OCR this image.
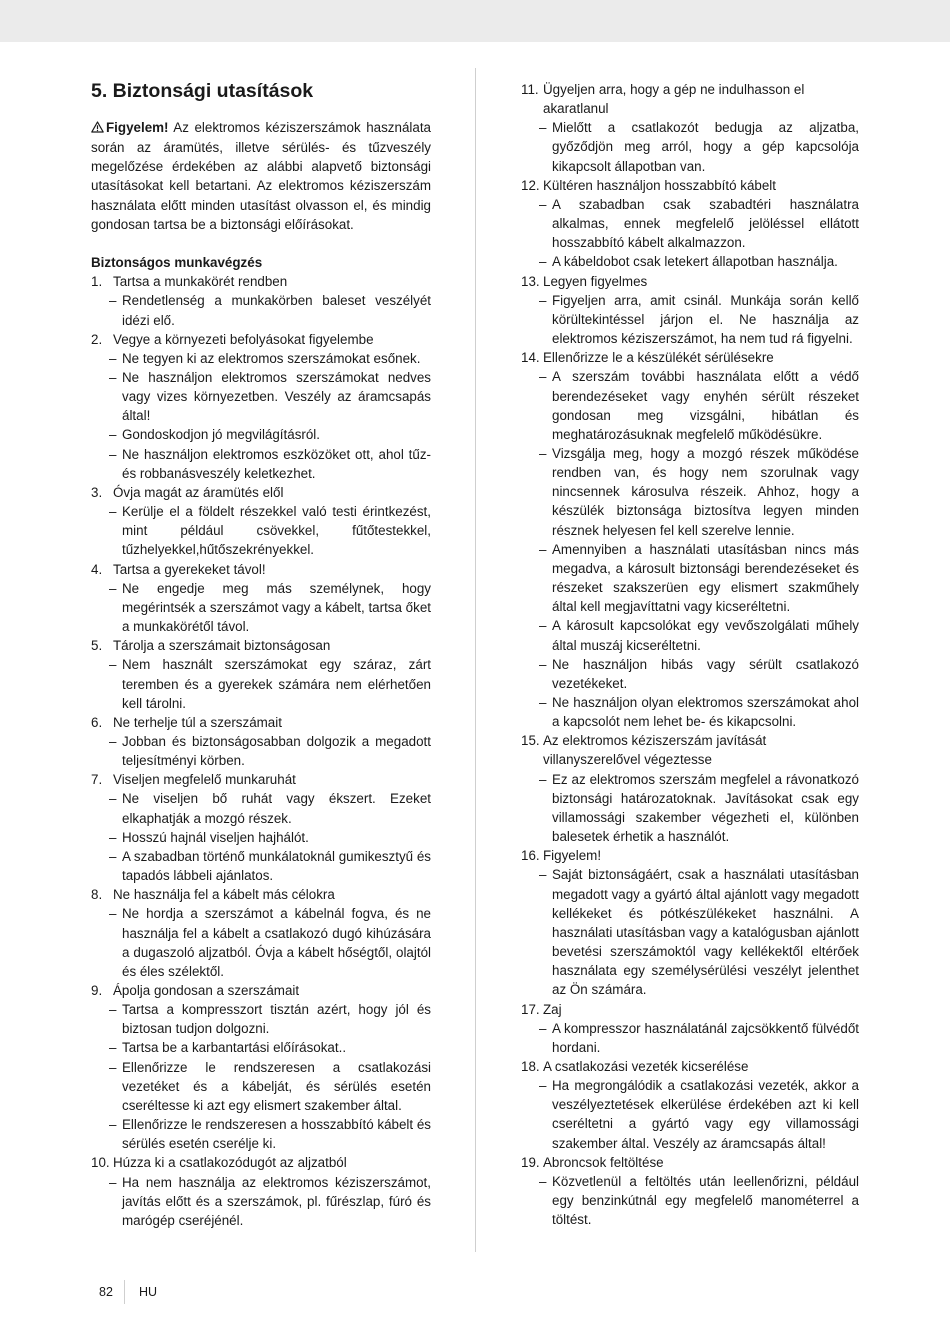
5. Biztonsági utasítások

Figyelem! Az elektromos kéziszerszámok használata során az áramütés, illetve sérülés- és tűzveszély megelőzése érdekében az alábbi alapvető biztonsági utasításokat kell betartani. Az elektromos kéziszerszám használata előtt minden utasítást olvasson el, és mindig gondosan tartsa be a biztonsági előírásokat.

Biztonságos munkavégzés
1. Tartsa a munkakörét rendben
– Rendetlenség a munkakörben baleset veszélyét idézi elő.
2. Vegye a környezeti befolyásokat figyelembe
– Ne tegyen ki az elektromos szerszámokat esőnek.
– Ne használjon elektromos szerszámokat nedves vagy vizes környezetben. Veszély az áramcsapás által!
– Gondoskodjon jó megvilágításról.
– Ne használjon elektromos eszközöket ott, ahol tűz- és robbanásveszély keletkezhet.
3. Óvja magát az áramütés elől
– Kerülje el a földelt részekkel való testi érintkezést, mint például csövekkel, fűtőtestekkel, tűzhelyekkel,hűtőszekrényekkel.
4. Tartsa a gyerekeket távol!
– Ne engedje meg más személynek, hogy megérintsék a szerszámot vagy a kábelt, tartsa őket a munkakörétől távol.
5. Tárolja a szerszámait biztonságosan
– Nem használt szerszámokat egy száraz, zárt teremben és a gyerekek számára nem elérhetően kell tárolni.
6. Ne terhelje túl a szerszámait
– Jobban és biztonságosabban dolgozik a megadott teljesítményi körben.
7. Viseljen megfelelő munkaruhát
– Ne viseljen bő ruhát vagy ékszert. Ezeket elkaphatják a mozgó részek.
– Hosszú hajnál viseljen hajhálót.
– A szabadban történő munkálatoknál gumikesztyű és tapadós lábbeli ajánlatos.
8. Ne használja fel a kábelt más célokra
– Ne hordja a szerszámot a kábelnál fogva, és ne használja fel a kábelt a csatlakozó dugó kihúzására a dugaszoló aljzatból. Óvja a kábelt hőségtől, olajtól és éles szélektől.
9. Ápolja gondosan a szerszámait
– Tartsa a kompresszort tisztán azért, hogy jól és biztosan tudjon dolgozni.
– Tartsa be a karbantartási előírásokat..
– Ellenőrizze le rendszeresen a csatlakozási vezetéket és a kábelját, és sérülés esetén cseréltesse ki azt egy elismert szakember által.
– Ellenőrizze le rendszeresen a hosszabbító kábelt és sérülés esetén cserélje ki.
10. Húzza ki a csatlakozódugót az aljzatból
– Ha nem használja az elektromos kéziszerszámot, javítás előtt és a szerszámok, pl. fűrészlap, fúró és marógép cseréjénél.
11. Ügyeljen arra, hogy a gép ne indulhasson el akaratlanul
– Mielőtt a csatlakozót bedugja az aljzatba, győződjön meg arról, hogy a gép kapcsolója kikapcsolt állapotban van.
12. Kültéren használjon hosszabbító kábelt
– A szabadban csak szabadtéri használatra alkalmas, ennek megfelelő jelöléssel ellátott hosszabbító kábelt alkalmazzon.
– A kábeldobot csak letekert állapotban használja.
13. Legyen figyelmes
– Figyeljen arra, amit csinál. Munkája során kellő körültekintéssel járjon el. Ne használja az elektromos kéziszerszámot, ha nem tud rá figyelni.
14. Ellenőrizze le a készülékét sérülésekre
– A szerszám további használata előtt a védő berendezéseket vagy enyhén sérült részeket gondosan meg vizsgálni, hibátlan és meghatározásuknak megfelelő működésükre.
– Vizsgálja meg, hogy a mozgó részek működése rendben van, és hogy nem szorulnak vagy nincsennek károsulva részeik. Ahhoz, hogy a készülék biztonsága biztosítva legyen minden résznek helyesen fel kell szerelve lennie.
– Amennyiben a használati utasításban nincs más megadva, a károsult biztonsági berendezéseket és részeket szakszerüen egy elismert szakműhely által kell megjavíttatni vagy kicseréltetni.
– A károsult kapcsolókat egy vevőszolgálati műhely által muszáj kicseréltetni.
– Ne használjon hibás vagy sérült csatlakozó vezetékeket.
– Ne használjon olyan elektromos szerszámokat ahol a kapcsolót nem lehet be- és kikapcsolni.
15. Az elektromos kéziszerszám javítását villanyszerelővel végeztesse
– Ez az elektromos szerszám megfelel a rávonatkozó biztonsági határozatoknak. Javításokat csak egy villamossági szakember végezheti el, különben balesetek érhetik a használót.
16. Figyelem!
– Saját biztonságáért, csak a használati utasításban megadott vagy a gyártó által ajánlott vagy megadott kellékeket és pótkészülékeket használni. A használati utasításban vagy a katalógusban ajánlott bevetési szerszámoktól vagy kellékektől eltérőek használata egy személysérülési veszélyt jelenthet az Ön számára.
17. Zaj
– A kompresszor használatánál zajcsökkentő fülvédőt hordani.
18. A csatlakozási vezeték kicserélése
– Ha megrongálódik a csatlakozási vezeték, akkor a veszélyeztetések elkerülése érdekében azt ki kell cseréltetni a gyártó vagy egy villamossági szakember által. Veszély az áramcsapás által!
19. Abroncsok feltöltése
– Közvetlenül a feltöltés után leellenőrizni, például egy benzinkútnál egy megfelelő manométerrel a töltést.
82 HU
